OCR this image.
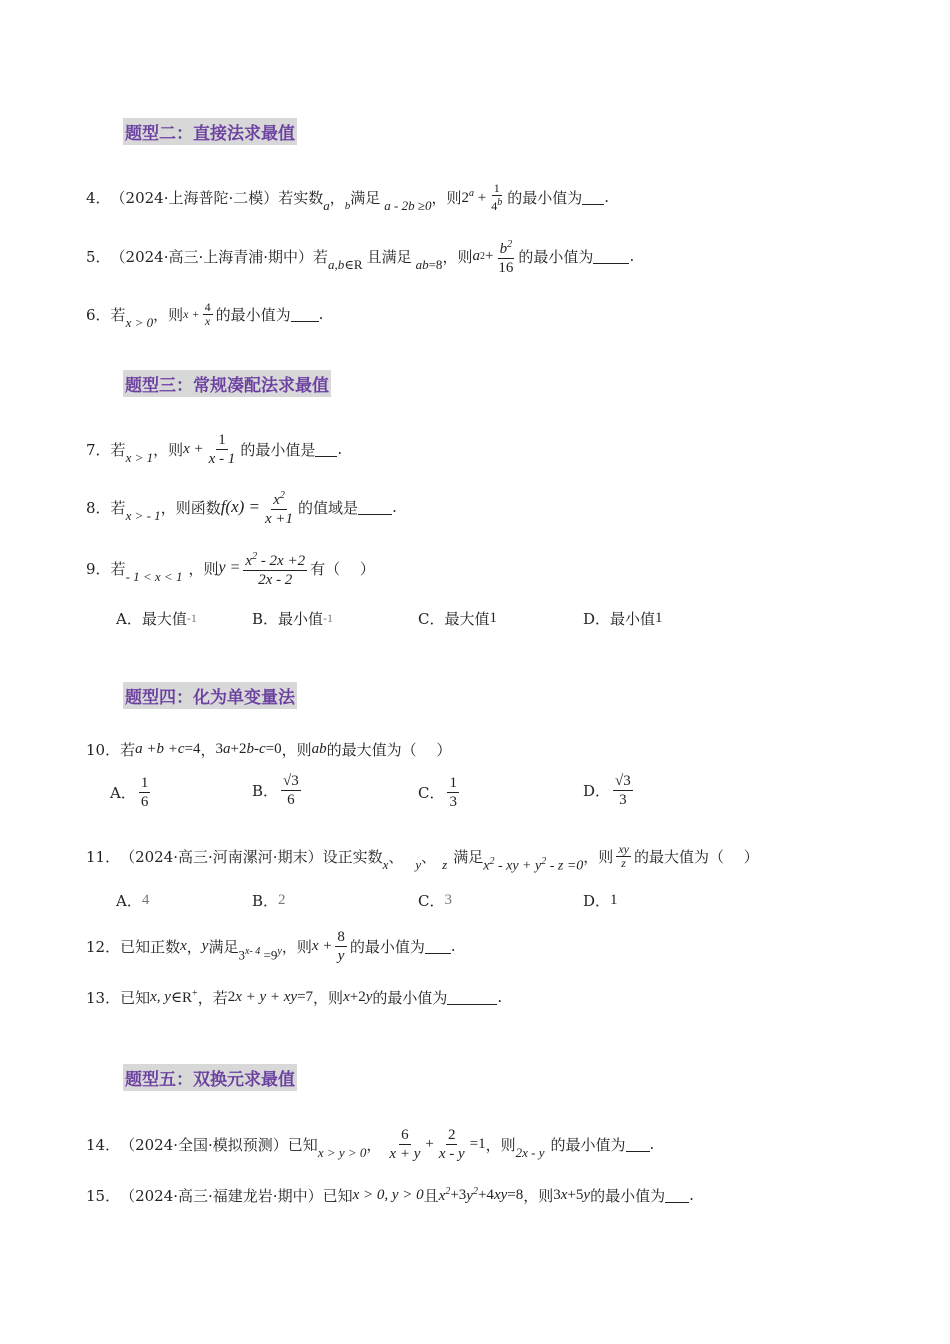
题型二：直接法求最值
题型三：常规凑配法求最值
题型四：化为单变量法
题型五：双换元求最值
4． （2024·上海普陀·二模）若实数 a ， b 满足 a - 2b ≥0 ，则 $2^a + \frac{1}{4^b}$ 的最小值为 .
5． （2024·高三·上海青浦·期中）若 a,b ∈R 且满足 ab =8 ，则 a $2 + \frac{b^2}{16}$ 的最小值为 .
6． 若 x > 0 ，则 $x + \frac{4}{x}$ 的最小值为 .
7． 若 x > 1 ，则 $x + \frac{1}{x - 1}$ 的最小值是 .
8． 若 x > - 1 ，则函数 $f(x) = \frac{x^2}{x +1}$ 的值域是 .
9． 若 - 1 < x < 1 ，则 $y = \frac{x^2 - 2x +2}{2x - 2}$ 有（　 ）
A．最大值 -1	B．最小值 -1	C．最大值 1	D．最小值 1
10． 若 a +b +c =4 ， 3 a +2 b - c =0 ，则 ab 的最大值为（　 ）
A． $\frac{1}{6}$	B． $\frac{√3}{6}$	C． $\frac{1}{3}$	D． $\frac{√3}{3}$
11． （2024·高三·河南漯河·期末）设正实数 x 、 y 、 z 满足
$x^2$ - xy + $y^2 - z =0$
，则 $\frac{xy}{z}$ 的最大值为（　 ）
A． 4	B． 2	C． 3	D． 1
12． 已知正数 x ， y 满足 $3^{x- 4} =9^y$ ，则 $x + \frac{8}{y}$ 的最小值为 .
13． 已知 x, y ∈R+ ，若 2 x + y + xy =7 ，则 x +2 y 的最小值为	.
14． （2024·全国·模拟预测）已知 x > y > 0 ， $\frac{6}{x + y} + \frac{2}{x - y} =1$ ，则 2x - y 的最小值为 .
15． （2024·高三·福建龙岩·期中）已知 x > 0, y > 0 且 $x^2 +3$ $y^2 +4$ xy =8 ，则 3 x +5 y 的最小值为 .
